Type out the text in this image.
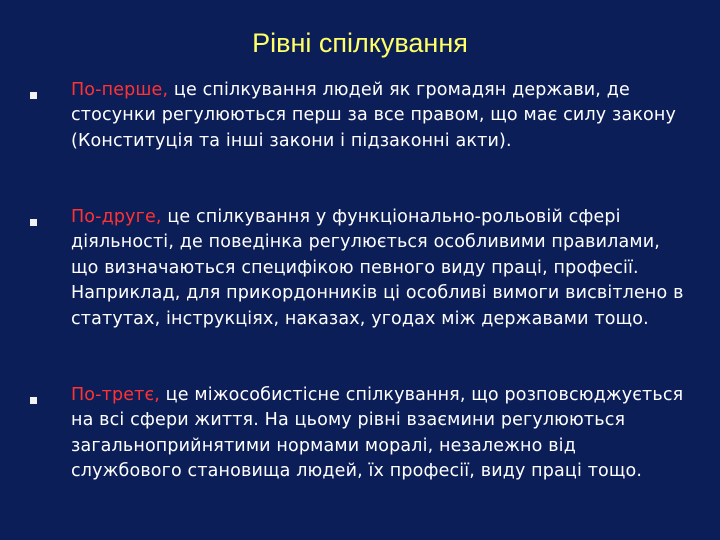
Рівні спілкування
По-перше, це спілкування людей як громадян держави, де стосунки регулюються перш за все правом, що має силу закону (Конституція та інші закони і підзаконні акти).
По-друге, це спілкування у функціонально-рольовій сфері діяльності, де поведінка регулюється особливими правилами, що визначаються специфікою певного виду праці, професії. Наприклад, для прикордонників ці особливі вимоги висвітлено в статутах, інструкціях, наказах, угодах між державами тощо.
По-третє, це міжособистісне спілкування, що розповсюджується на всі сфери життя. На цьому рівні взаємини регулюються загальноприйнятими нормами моралі, незалежно від службового становища людей, їх професії, виду праці тощо.
